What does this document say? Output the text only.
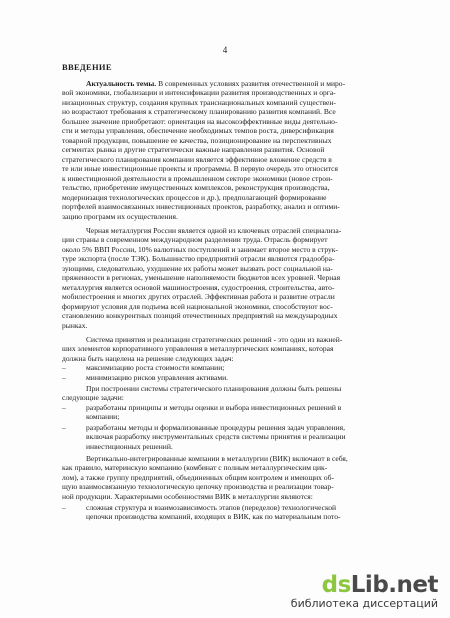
4
ВВЕДЕНИЕ
Актуальность темы. В современных условиях развития отечественной и миро-
вой экономики, глобализации и интенсификации развития производственных и орга-
низационных структур, создания крупных транснациональных компаний существен-
но возрастают требования к стратегическому планированию развития компаний. Все
большее значение приобретают: ориентация на высокоэффективные виды деятельно-
сти и методы управления, обеспечение необходимых темпов роста, диверсификация
товарной продукции, повышение ее качества, позиционирование на перспективных
сегментах рынка и другие стратегически важные направления развития. Основой
стратегического планирования компании является эффективное вложение средств в
те или иные инвестиционные проекты и программы. В первую очередь это относится
к инвестиционной деятельности в промышленном секторе экономики (новое строи-
тельство, приобретение имущественных комплексов, реконструкция производства,
модернизация технологических процессов и др.), предполагающей формирование
портфелей взаимосвязанных инвестиционных проектов, разработку, анализ и оптими-
зацию программ их осуществления.
Черная металлургия России является одной из ключевых отраслей специализа-
ции страны в современном международном разделении труда. Отрасль формирует
около 5% ВВП России, 10% валютных поступлений и занимает второе место в струк-
туре экспорта (после ТЭК). Большинство предприятий отрасли являются градообра-
зующими, следовательно, ухудшение их работы может вызвать рост социальной на-
пряженности в регионах, уменьшение наполняемости бюджетов всех уровней. Черная
металлургия является основой машиностроения, судостроения, строительства, авто-
мобилестроения и многих других отраслей. Эффективная работа и развитие отрасли
формируют условия для подъема всей национальной экономики, способствуют вос-
становлению конкурентных позиций отечественных предприятий на международных
рынках.
Система принятия и реализации стратегических решений - это один из важней-
ших элементов корпоративного управления в металлургических компаниях, которая
должна быть нацелена на решение следующих задач:
–	максимизацию роста стоимости компании;
–	минимизацию рисков управления активами.
При построении системы стратегического планирования должны быть решены
следующие задачи:
–	разработаны принципы и методы оценки и выбора инвестиционных решений в
компании;
–	разработаны методы и формализованные процедуры решения задач управления,
включая разработку инструментальных средств системы принятия и реализации
инвестиционных решений.
Вертикально-интегрированные компании в металлургии (ВИК) включают в себя,
как правило, материнскую компанию (комбинат с полным металлургическим цик-
лом), а также группу предприятий, объединенных общим контролем и имеющих об-
щую взаимосвязанную технологическую цепочку производства и реализации товар-
ной продукции. Характерными особенностями ВИК в металлургии являются:
–	сложная структура и взаимозависимость этапов (переделов) технологической
цепочки производства компаний, входящих в ВИК, как по материальным пото-
dsLib.net
библиотека диссертаций
